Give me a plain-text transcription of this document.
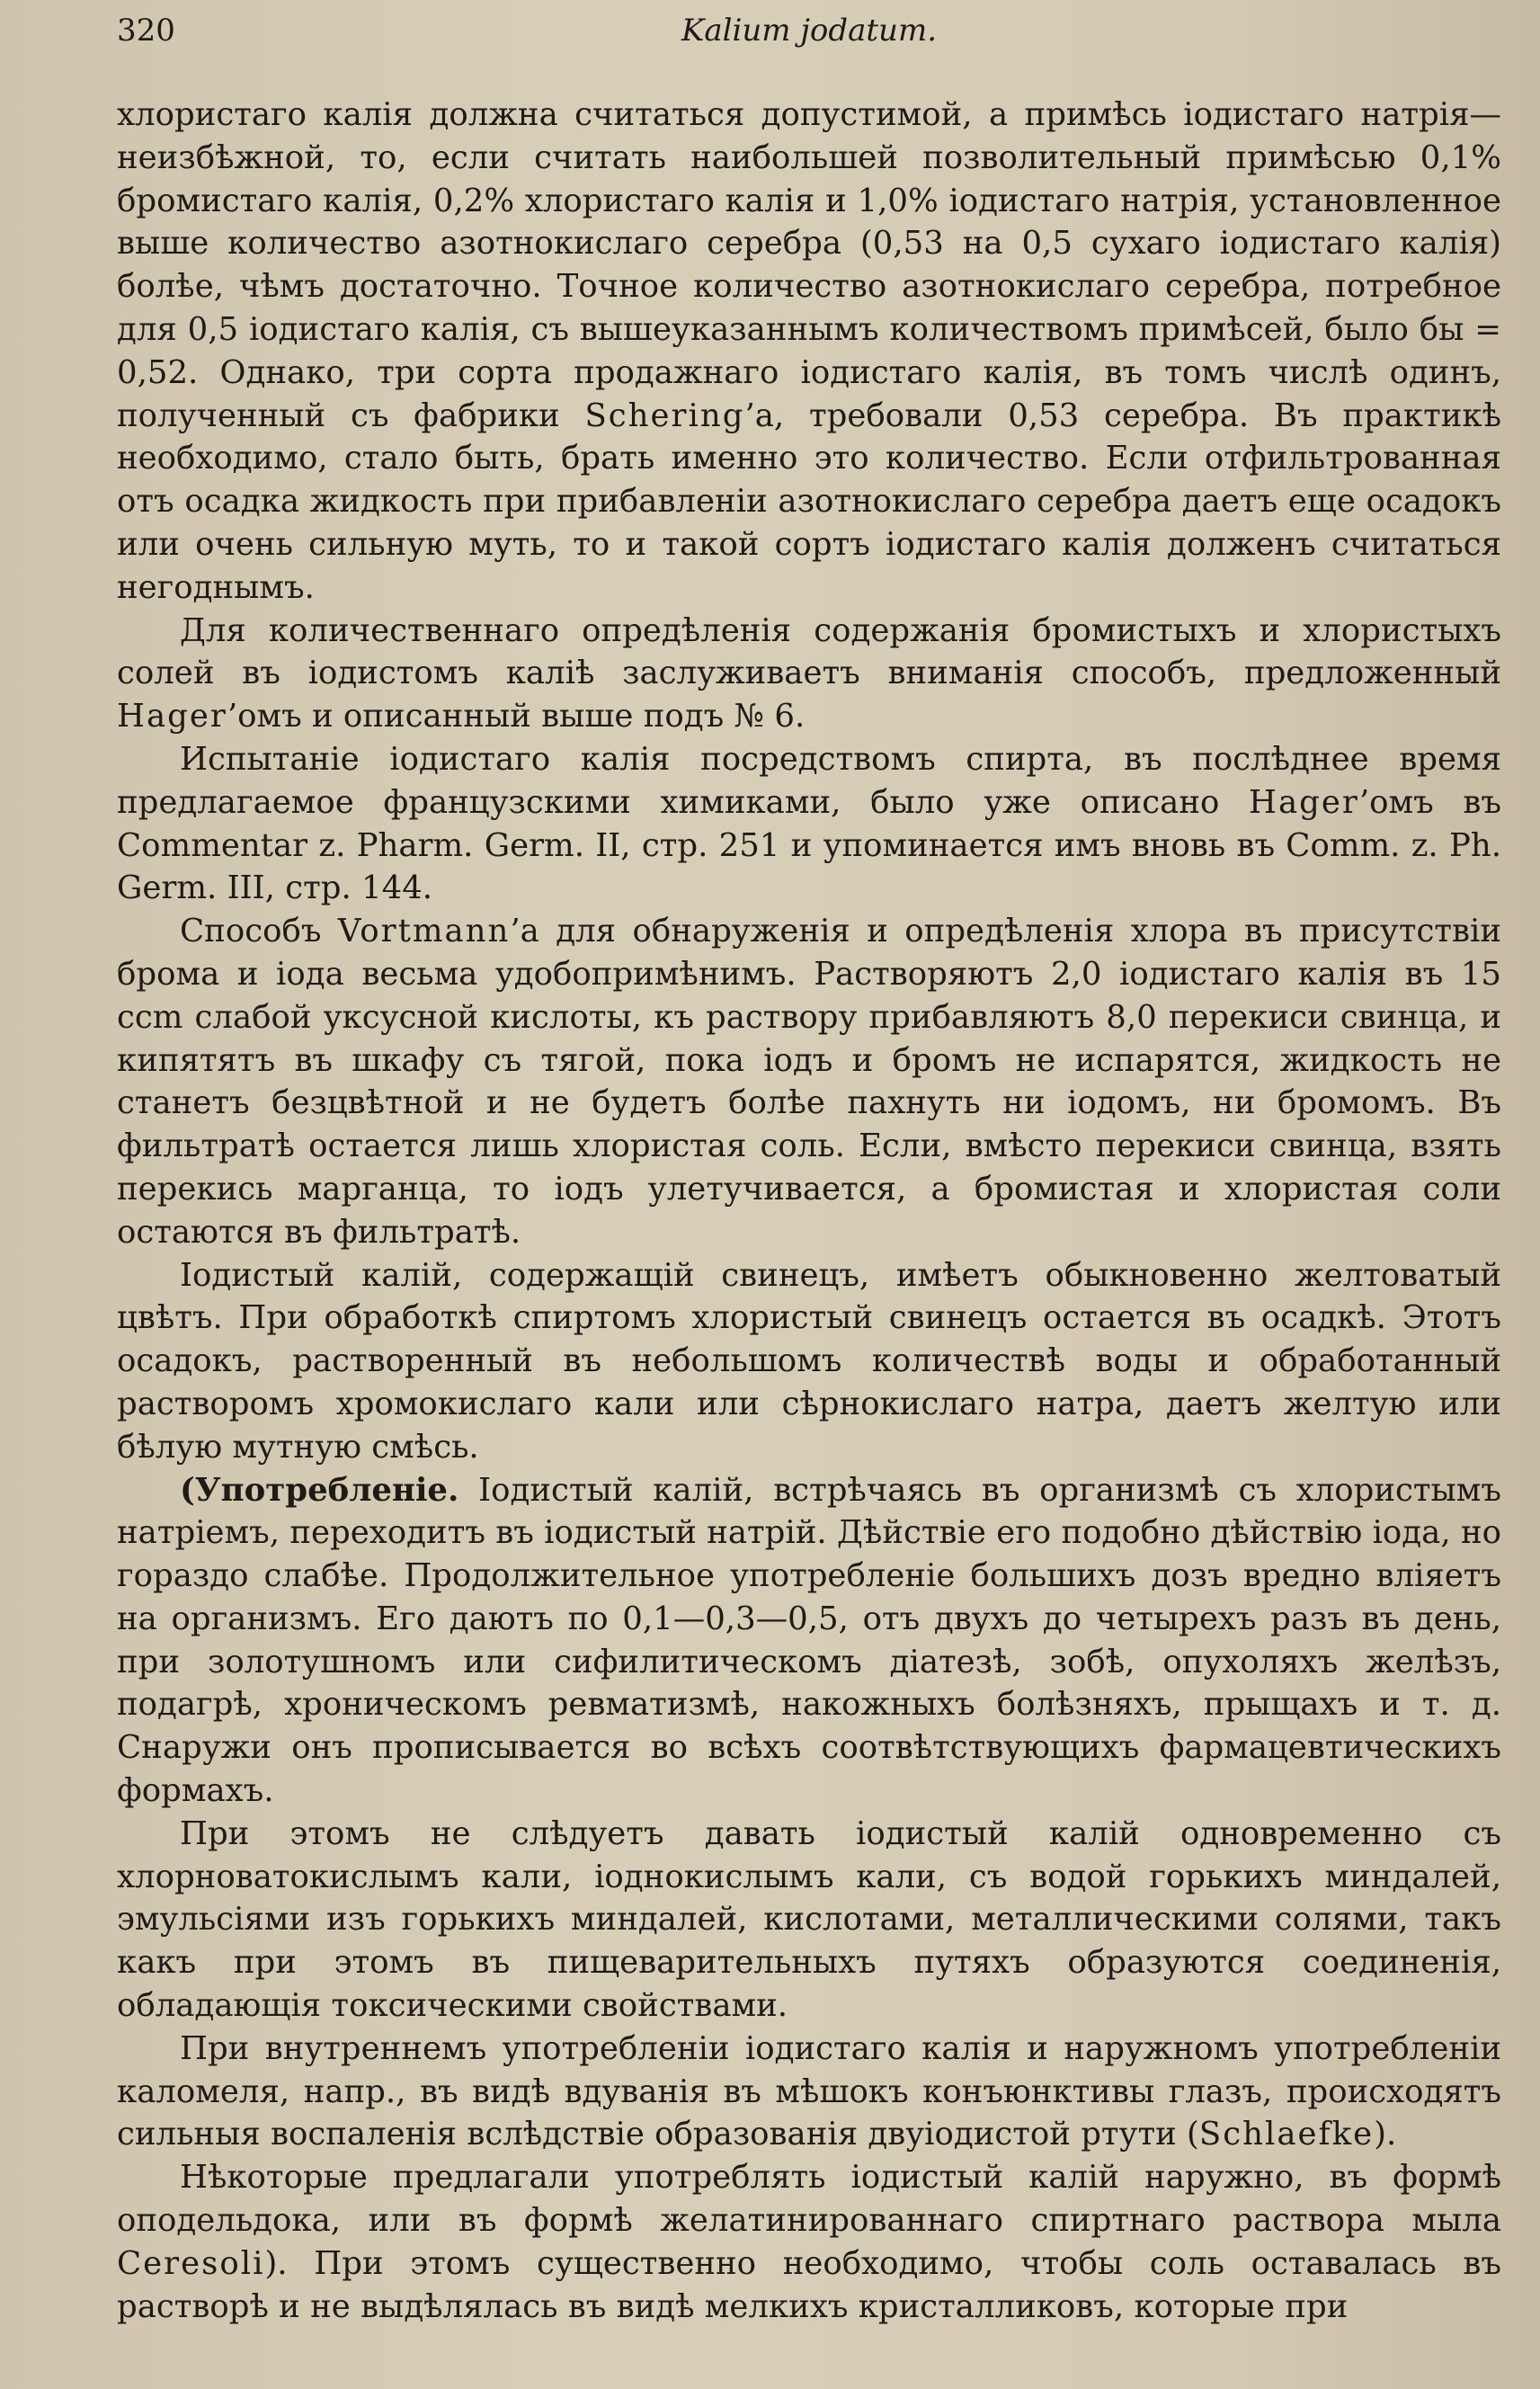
320	Kalium jodatum.

хлористаго калія должна считаться допустимой, а примѣсь іодистаго натрія—неизбѣжной, то, если считать наибольшей позволительный примѣсью 0,1% бромистаго калія, 0,2% хлористаго калія и 1,0% іодистаго натрія, установленное выше количество азотнокислаго серебра (0,53 на 0,5 сухаго іодистаго калія) болѣе, чѣмъ достаточно. Точное количество азотнокислаго серебра, потребное для 0,5 іодистаго калія, съ вышеуказаннымъ количествомъ примѣсей, было бы = 0,52. Однако, три сорта продажнаго іодистаго калія, въ томъ числѣ одинъ, полученный съ фабрики Schering’a, требовали 0,53 серебра. Въ практикѣ необходимо, стало быть, брать именно это количество. Если отфильтрованная отъ осадка жидкость при прибавленіи азотнокислаго серебра даетъ еще осадокъ или очень сильную муть, то и такой сортъ іодистаго калія долженъ считаться негоднымъ.

Для количественнаго опредѣленія содержанія бромистыхъ и хлористыхъ солей въ іодистомъ каліѣ заслуживаетъ вниманія способъ, предложенный Hager’омъ и описанный выше подъ № 6.

Испытаніе іодистаго калія посредствомъ спирта, въ послѣднее время предлагаемое французскими химиками, было уже описано Hager’омъ въ Commentar z. Pharm. Germ. II, стр. 251 и упоминается имъ вновь въ Comm. z. Ph. Germ. III, стр. 144.

Способъ Vortmann’a для обнаруженія и опредѣленія хлора въ присутствіи брома и іода весьма удобопримѣнимъ. Растворяютъ 2,0 іодистаго калія въ 15 ccm слабой уксусной кислоты, къ раствору прибавляютъ 8,0 перекиси свинца, и кипятятъ въ шкафу съ тягой, пока іодъ и бромъ не испарятся, жидкость не станетъ безцвѣтной и не будетъ болѣе пахнуть ни іодомъ, ни бромомъ. Въ фильтратѣ остается лишь хлористая соль. Если, вмѣсто перекиси свинца, взять перекись марганца, то іодъ улетучивается, а бромистая и хлористая соли остаются въ фильтратѣ.

Іодистый калій, содержащій свинецъ, имѣетъ обыкновенно желтоватый цвѣтъ. При обработкѣ спиртомъ хлористый свинецъ остается въ осадкѣ. Этотъ осадокъ, растворенный въ небольшомъ количествѣ воды и обработанный растворомъ хромокислаго кали или сѣрнокислаго натра, даетъ желтую или бѣлую мутную смѣсь.

(Употребленіе. Іодистый калій, встрѣчаясь въ организмѣ съ хлористымъ натріемъ, переходитъ въ іодистый натрій. Дѣйствіе его подобно дѣйствію іода, но гораздо слабѣе. Продолжительное употребленіе большихъ дозъ вредно вліяетъ на организмъ. Его даютъ по 0,1—0,3—0,5, отъ двухъ до четырехъ разъ въ день, при золотушномъ или сифилитическомъ діатезѣ, зобѣ, опухоляхъ желѣзъ, подагрѣ, хроническомъ ревматизмѣ, накожныхъ болѣзняхъ, прыщахъ и т. д. Снаружи онъ прописывается во всѣхъ соотвѣтствующихъ фармацевтическихъ формахъ.

При этомъ не слѣдуетъ давать іодистый калій одновременно съ хлорноватокислымъ кали, іоднокислымъ кали, съ водой горькихъ миндалей, эмульсіями изъ горькихъ миндалей, кислотами, металлическими солями, такъ какъ при этомъ въ пищеварительныхъ путяхъ образуются соединенія, обладающія токсическими свойствами.

При внутреннемъ употребленіи іодистаго калія и наружномъ употребленіи каломеля, напр., въ видѣ вдуванія въ мѣшокъ конъюнктивы глазъ, происходятъ сильныя воспаленія вслѣдствіе образованія двуіодистой ртути (Schlaefke).

Нѣкоторые предлагали употреблять іодистый калій наружно, въ формѣ оподельдока, или въ формѣ желатинированнаго спиртнаго раствора мыла Ceresoli). При этомъ существенно необходимо, чтобы соль оставалась въ растворѣ и не выдѣлялась въ видѣ мелкихъ кристалликовъ, которые при
